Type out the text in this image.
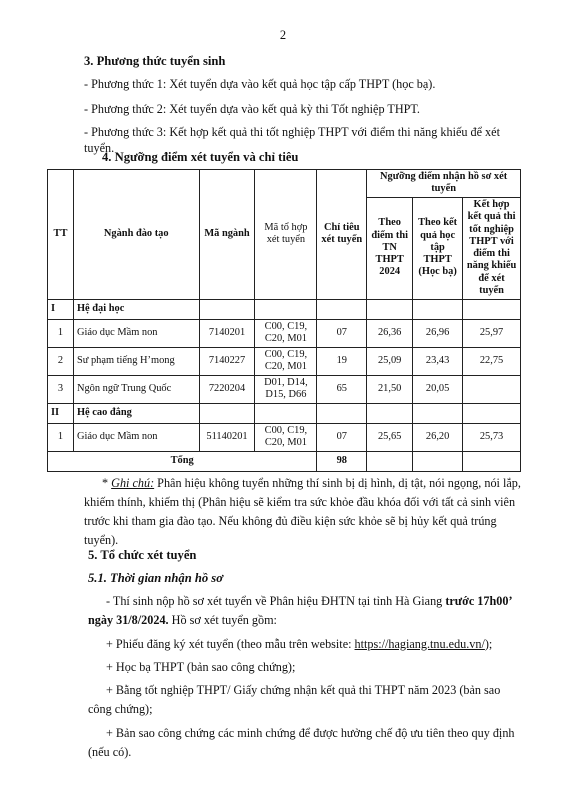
2

3. Phương thức tuyển sinh

- Phương thức 1: Xét tuyển dựa vào kết quả học tập cấp THPT (học bạ).

- Phương thức 2: Xét tuyển dựa vào kết quả kỳ thi Tốt nghiệp THPT.

- Phương thức 3: Kết hợp kết quả thi tốt nghiệp THPT với điểm thi năng khiếu để xét tuyển.

4. Ngưỡng điểm xét tuyển và chỉ tiêu

TT	Ngành đào tạo	Mã ngành	Mã tổ hợp xét tuyển	Chỉ tiêu xét tuyển	Ngưỡng điểm nhận hồ sơ xét tuyển		
					Theo điểm thi TN THPT 2024	Theo kết quả học tập THPT (Học bạ)	Kết hợp kết quả thi tốt nghiệp THPT với điểm thi năng khiếu để xét tuyển
I	Hệ đại học						
1	Giáo dục Mầm non	7140201	C00, C19, C20, M01	07	26,36	26,96	25,97
2	Sư phạm tiếng H’mong	7140227	C00, C19, C20, M01	19	25,09	23,43	22,75
3	Ngôn ngữ Trung Quốc	7220204	D01, D14, D15, D66	65	21,50	20,05	
II	Hệ cao đẳng						
1	Giáo dục Mầm non	51140201	C00, C19, C20, M01	07	25,65	26,20	25,73
Tổng				98			

* Ghi chú: Phân hiệu không tuyển những thí sinh bị dị hình, dị tật, nói ngọng, nói lắp, khiếm thính, khiếm thị (Phân hiệu sẽ kiểm tra sức khỏe đầu khóa đối với tất cả sinh viên trước khi tham gia đào tạo. Nếu không đủ điều kiện sức khỏe sẽ bị hủy kết quả trúng tuyển).

5. Tổ chức xét tuyển

5.1. Thời gian nhận hồ sơ

- Thí sinh nộp hồ sơ xét tuyển về Phân hiệu ĐHTN tại tỉnh Hà Giang trước 17h00’ ngày 31/8/2024. Hồ sơ xét tuyển gồm:

+ Phiếu đăng ký xét tuyển (theo mẫu trên website: https://hagiang.tnu.edu.vn/);

+ Học bạ THPT (bản sao công chứng);

+ Bằng tốt nghiệp THPT/ Giấy chứng nhận kết quả thi THPT năm 2023 (bản sao công chứng);

+ Bản sao công chứng các minh chứng để được hưởng chế độ ưu tiên theo quy định (nếu có).
